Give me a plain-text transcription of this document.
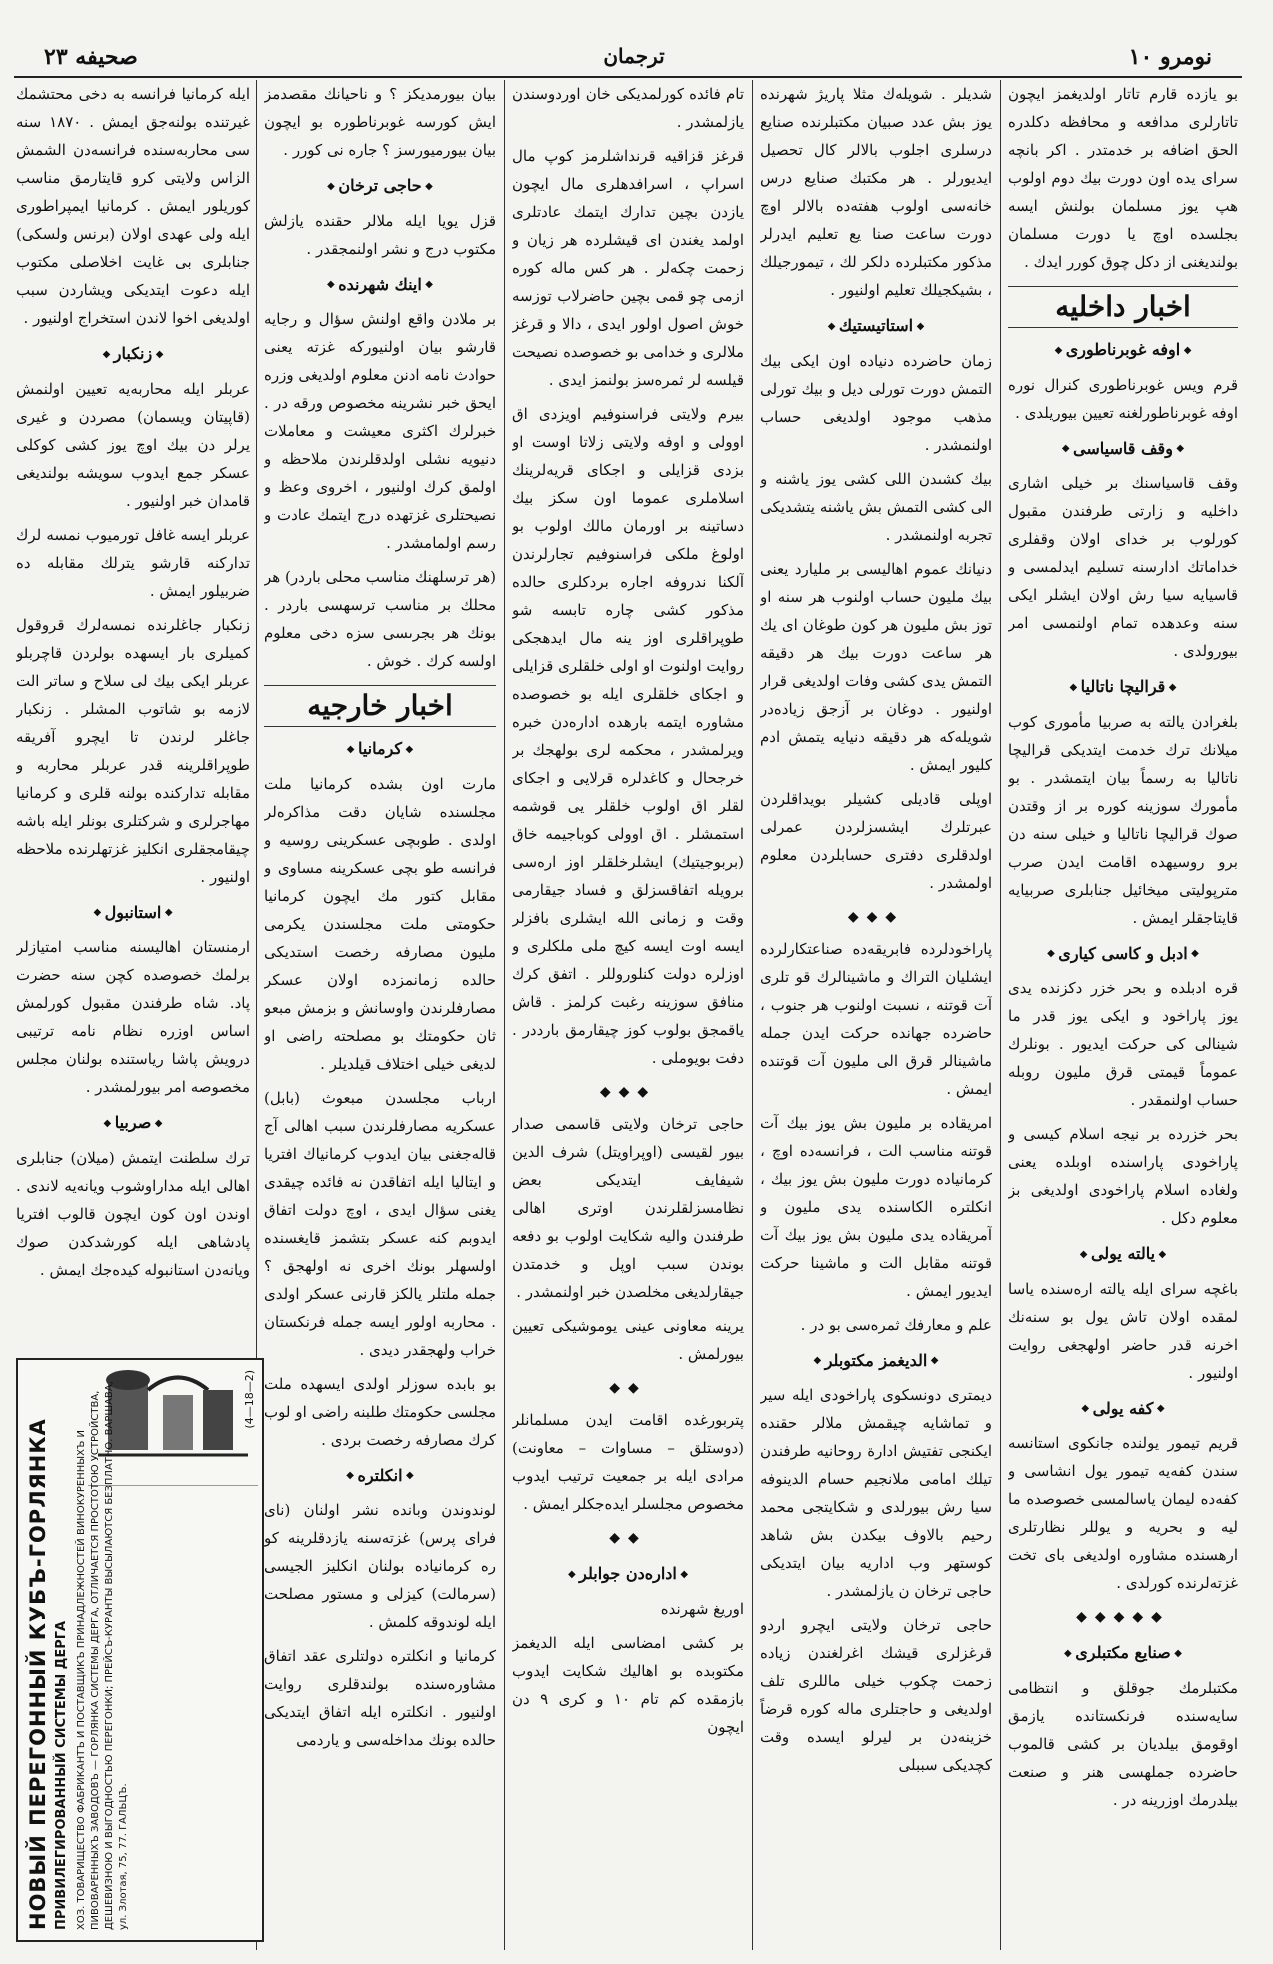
صحيفه ٢٣	ترجمان	نومرو ١٠

بو يازده قارم تاتار اولديغمز ايچون تاتارلرى مدافعه و محافظه دكلدره الحق اضافه بر خدمتدر . اكر بانچه سراى يده اون دورت بيك دوم اولوب هپ يوز مسلمان بولنش ايسه بجلسده اوچ يا دورت مسلمان بولنديغنى از دكل چوق كورر ايدك .

اخبار داخليه
◆ اوفه غوبرناطورى ◆

قرم ويس غوبرناطورى كنرال نوره اوفه غوبرناطورلغنه تعيين بيوريلدى .

◆ وقف قاسياسى ◆

وقف قاسياسنك بر خيلى اشارى داخليه و زارتى طرفندن مقبول كورلوب بر خداى اولان وقفلرى خداماتك ادارسنه تسليم ايدلمسى و قاسيايه سيا رش اولان ايشلر ايكى سنه وعدهده تمام اولنمسى امر بيورولدى .

◆ قراليچا ناتاليا ◆

بلغرادن يالته به صربيا مأمورى كوب ميلانك ترك خدمت ايتديكى قراليچا ناتاليا به رسماً بيان ايتمشدر . بو مأمورك سوزينه كوره بر از وقتدن صوك قراليچا ناتاليا و خيلى سنه دن برو روسيهده اقامت ايدن صرب مترپوليتى ميخائيل جنابلرى صربيايه قايتاجقلر ايمش .

◆ ادبل و كاسى كيارى ◆

قره ادبلده و بحر خزر دكزنده يدى يوز پاراخود و ايكى يوز قدر ما شينالى كى حركت ايديور . بونلرك عموماً قيمتى قرق مليون روبله حساب اولنمقدر .

بحر خزرده بر نيجه اسلام كيسى و پاراخودى پاراسنده اوبلده يعنى ولغاده اسلام پاراخودى اولديغى بز معلوم دكل .

◆ يالته يولى ◆

باغچه سراى ايله يالته اره‌سنده ياسا لمقده اولان تاش يول بو سنه‌نك اخرنه قدر حاضر اولهجغى روايت اولنيور .

◆ كفه يولى ◆

قريم تيمور يولنده جانكوى استانسه سندن كفه‌يه تيمور يول انشاسى و كفه‌ده ليمان ياسالمسى خصوصده ما ليه و بحريه و يوللر نظارتلرى ارهسنده مشاوره اولديغى باى تخت غزته‌لرنده كورلدى .

◆◆◆◆◆
◆ صنايع مكتبلرى ◆

مكتبلرمك جوقلق و انتظامى سايه‌سنده فرنكستانده يازمق اوقومق بيلديان بر كشى قالموب حاضرده جملهسى هنر و صنعت بيلدرمك اوزرينه در .

شديلر . شويله‌ك مثلا پاريژ شهرنده يوز بش عدد صبيان مكتبلرنده صنايع درسلرى اجلوب بالالر كال تحصيل ايديورلر . هر مكتبك صنايع درس خانه‌سى اولوب هفته‌ده بالالر اوچ دورت ساعت صنا يع تعليم ايدرلر مذكور مكتبلرده دلكر لك ، تيمورجيلك ، بشيكجيلك تعليم اولنيور .

◆ استاتيستيك ◆

زمان حاضرده دنيادە اون ايكى بيك التمش دورت تورلى ديل و بيك تورلى مذهب موجود اولديغى حساب اولنمشدر .

بيك كشىدن اللى كشى يوز ياشنه و الى كشى التمش بش ياشنه يتشديكى تجربه اولنمشدر .

دنيانك عموم اهاليسى بر مليارد يعنى بيك مليون حساب اولنوب هر سنه او توز بش مليون هر كون طوغان اى يك هر ساعت دورت بيك هر دقيقه التمش يدى كشى وفات اولديغى قرار اولنيور . دوغان بر آزجق زيادەدر شويله‌كه هر دقيقه دنيايه يتمش ادم كليور ايمش .

اوپلى قاديلى كشيلر بويداقلردن عبرتلرك ايشسزلردن عمرلى اولدقلرى دفترى حسابلردن معلوم اولمشدر .

◆◆◆

پاراخودلرده فابريقه‌ده صناعتكارلرده ايشليان التراك و ماشينالرك قو تلرى آت قوتنه ، نسبت اولنوب هر جنوب ، حاضرده جهانده حركت ايدن جمله ماشينالر قرق الى مليون آت قوتنده ايمش .

امريقاده بر مليون بش يوز بيك آت قوتنه مناسب الت ، فرانسه‌ده اوچ ، كرمانياده دورت مليون بش يوز بيك ، انكلتره الكاسنده يدى مليون و آمريقاده يدى مليون بش يوز بيك آت قوتنه مقابل الت و ماشينا حركت ايديور ايمش .

علم و معارفك ثمرەسى بو در .

◆ الديغمز مكتوبلر ◆

ديمترى دونسكوى پاراخودى ايله سير و تماشايه چيقمش ملالر حقنده ايكنجى تفتيش ادارة روحانيه طرفندن تيلك امامى ملانجيم حسام الدينوفه سيا رش بيورلدى و شكايتجى محمد رحيم بالاوف بيكدن بش شاهد كوستهر وب اداريه بيان ايتديكى حاجى ترخان ن يازلمشدر .

حاجى ترخان ولايتى ايچرو اردو قرغزلرى قيشك اغرلغندن زياده زحمت چكوب خيلى ماللرى تلف اولديغى و حاجتلرى ماله كوره قرضاً خزينەدن بر ليرلو ايسده وقت كچديكى سببلى

تام فائده كورلمديكى خان اوردوسندن يازلمشدر .

قرغز قزاقيه قرنداشلرمز كوپ مال اسراپ ، اسرافدهلرى مال ايچون يازدن بچين تدارك ايتمك عادتلرى اولمد يغندن اى قيشلرده هر زيان و زحمت چكەلر . هر كس ماله كوره ازمى چو قمى بچين حاضرلاب توزسه خوش اصول اولور ايدى ، دالا و قرغز ملالرى و خدامى بو خصوصده نصيحت قيلسه لر ثمرەسز بولنمز ايدى .

بيرم ولايتى فراسنوفيم اويزدى اق اوولى و اوفه ولايتى زلاتا اوست او بزدى قزايلى و اجكاى قريەلرينك اسلاملرى عموما اون سكز بيك دساتينه بر اورمان مالك اولوب بو اولوغ ملكى فراسنوفيم تجارلرندن آلكنا ندروفه اجاره بردكلرى حالده مذكور كشى چاره تابسه شو طوپراقلرى اوز ينه مال ايدهجكى روايت اولنوت او اولى خلقلرى قزايلى و اجكاى خلقلرى ايله بو خصوصده مشاوره ايتمه بارهده اداره‌دن خبره ويرلمشدر ، محكمه لرى بولهجك بر خرجحال و كاغدلره قرلايى و اجكاى لقلر اق اولوب خلقلر يى قوشمه استمشلر . اق اوولى كوباجيمه خاق (بربوجيتيك) ايشلرخلقلر اوز ارەسى برويله اتفاقسزلق و فساد جيقارمى وقت و زمانى الله ايشلرى بافزلر ايسه اوت ايسه كيچ ملى ملكلرى و اوزلره دولت كنلوروللر . اتفق كرك منافق سوزينه رغبت كرلمز . قاش ياقمجق بولوب كوز چيقارمق بارددر . دفت بويوملى .

◆◆◆

حاجى ترخان ولايتى قاسمى صدار بيور لقيسى (اوپراويتل) شرف الدين شيفايف ايتديكى بعض نظامسزلقلرندن اوترى اهالى طرفندن واليه شكايت اولوب بو دفعه بوندن سبب اوپل و خدمتدن جيقارلديغى مخلصدن خبر اولنمشدر .

يرينه معاونى عينى يوموشيكى تعيين بيورلمش .

◆◆

پتربورغده اقامت ايدن مسلمانلر (دوستلق – مساوات – معاونت) مرادى ايله بر جمعيت ترتيب ايدوب مخصوص مجلسلر ايدەجكلر ايمش .

◆◆
◆ ادارەدن جوابلر ◆

اوريغ شهرنده

بر كشى امضاسى ايله الديغمز مكتوبده بو اهاليك شكايت ايدوب بازمقده كم تام ١٠ و كرى ٩ دن ايچون

بيان بيورمديكز ؟ و ناحيانك مقصدمز ايش كورسه غوبرناطوره بو ايچون بيان بيورميورسز ؟ جاره نى كورر .

◆ حاجى ترخان ◆

قزل يويا ايله ملالر حقنده يازلش مكتوب درج و نشر اولنمجقدر .

◆ اينك شهرنده ◆

بر ملادن واقع اولنش سؤال و رجايه قارشو بيان اولنيوركه غزته يعنى حوادث نامه ادنن معلوم اولديغى وزره ايحق خبر نشرينه مخصوص ورقه در . خبرلرك اكثرى معيشت و معاملات دنيويه نشلى اولدقلرندن ملاحظه و اولمق كرك اولنيور ، اخروى وعظ و نصيحتلرى غزتهده درج ايتمك عادت و رسم اولمامشدر .

(هر ترسلهنك مناسب محلى باردر) هر محلك بر مناسب ترسهسى باردر . بونك هر بجرىسى سزه دخى معلوم اولسه كرك . خوش .

اخبار خارجيه
◆ كرمانيا ◆

مارت اون بشده كرمانيا ملت مجلسنده شايان دقت مذاكرەلر اولدى . طوبچى عسكرينى روسيه و فرانسه طو بچى عسكرينه مساوى و مقابل كتور مك ايچون كرمانيا حكومتى ملت مجلسندن يكرمى مليون مصارفه رخصت استديكى حالده زمانمزده اولان عسكر مصارفلرندن واوسانش و بزمش مبعو ثان حكومتك بو مصلحته راضى او لديغى خيلى اختلاف قيلديلر .

ارباب مجلسدن مبعوث (بابل) عسكريه مصارفلرندن سبب اهالى آج قالەجغنى بيان ايدوب كرمانياك افتريا و ايتاليا ايله اتفاقدن نه فائده چيقدى يغنى سؤال ايدى ، اوچ دولت اتفاق ايدوبم كنه عسكر بتشمز قايغسنده اولسهلر بونك اخرى نه اولهجق ؟ جمله ملتلر يالكز قارنى عسكر اولدى . محاربه اولور ايسه جمله فرنكستان خراب ولهجقدر ديدى .

بو بابده سوزلر اولدى ايسهده ملت مجلسى حكومتك طلبنه راضى او لوب كرك مصارفه رخصت بردى .

◆ انكلتره ◆

لوندوندن وبانده نشر اولنان (ناى فراى پرس) غزته‌سنه يازدقلرينه كو ره كرمانياده بولنان انكليز الجيسى (سرمالت) كيزلى و مستور مصلحت ايله لوندوقه كلمش .

كرمانيا و انكلتره دولتلرى عقد اتفاق مشاورەسنده بولندقلرى روايت اولنيور . انكلتره ايله اتفاق ايتديكى حالده بونك مداخلەسى و ياردمى

ايله كرمانيا فرانسه به دخى محتشمك غيرتنده بولنەجق ايمش . ١٨٧٠ سنه سى محاربەسنده فرانسەدن الشمش الزاس ولايتى كرو قايتارمق مناسب كوريلور ايمش . كرمانيا ايمپراطورى ايله ولى عهدى اولان (برنس ولسكى) جنابلرى بى غايت اخلاصلى مكتوب ايله دعوت ايتديكى ويشاردن سبب اولديغى اخوا لاندن استخراج اولنيور .

◆ زنكبار ◆

عربلر ايله محاربەيه تعيين اولنمش (قاپيتان ويسمان) مصردن و غيرى يرلر دن بيك اوچ يوز كشى كوكلى عسكر جمع ايدوب سويشه بولنديغى قامدان خبر اولنيور .

عربلر ايسه غافل تورميوب نمسه لرك تداركنه قارشو يترلك مقابله ده ضربيلور ايمش .

زنكبار جاغلرنده نمسه‌لرك قروقول كميلرى بار ايسهده بولردن قاچربلو عربلر ايكى بيك لى سلاح و ساتر الت لازمه بو شاتوب المشلر . زنكبار جاغلر لرندن تا ايچرو آفريقه طوپراقلرينه قدر عربلر محاربه و مقابله تداركنده بولنه قلرى و كرمانيا مهاجرلرى و شركتلرى بونلر ايله باشه چيقامجقلرى انكليز غزتهلرنده ملاحظه اولنيور .

◆ استانبول ◆

ارمنستان اهاليسنه مناسب امتيازلر برلمك خصوصده كچن سنه حضرت پاد. شاه طرفندن مقبول كورلمش اساس اوزره نظام نامه ترتيبى درويش پاشا رياستنده بولنان مجلس مخصوصه امر بيورلمشدر .

◆ صربيا ◆

ترك سلطنت ايتمش (ميلان) جنابلرى اهالى ايله مداراوشوب ويانەيه لاندى . اوندن اون كون ايچون قالوب افتريا پادشاهى ايله كورشدكدن صوك ويانەدن استانبوله كيدەجك ايمش .

НОВЫЙ ПЕРЕГОННЫЙ КУБЪ-ГОРЛЯНКА ПРИВИЛЕГИРОВАННЫЙ СИСТЕМЫ ДЕРГА ХОЗ. ТОВАРИЩЕСТВО ФАБРИКАНТЪ И ПОСТАВЩИКЪ ПРИНАДЛЕЖНОСТЕЙ ВИНОКУРЕННЫХЪ И ПИВОВАРЕННЫХЪ ЗАВОДОВЪ — ГОРЛЯНКА СИСТЕМЫ ДЕРГА, ОТЛИЧАЕТСЯ ПРОСТОТОЮ УСТРОЙСТВА, ДЕШЕВИЗНОЮ И ВЫГОДНОСТЬЮ ПЕРЕГОНКИ; ПРЕЙСЪ-КУРАНТЫ ВЫСЫЛАЮТСЯ БЕЗПЛАТНО. ВАРШАВА, ул. Злотая, 75, 77. ГАЛЬЦЪ.
(4—18—2)
